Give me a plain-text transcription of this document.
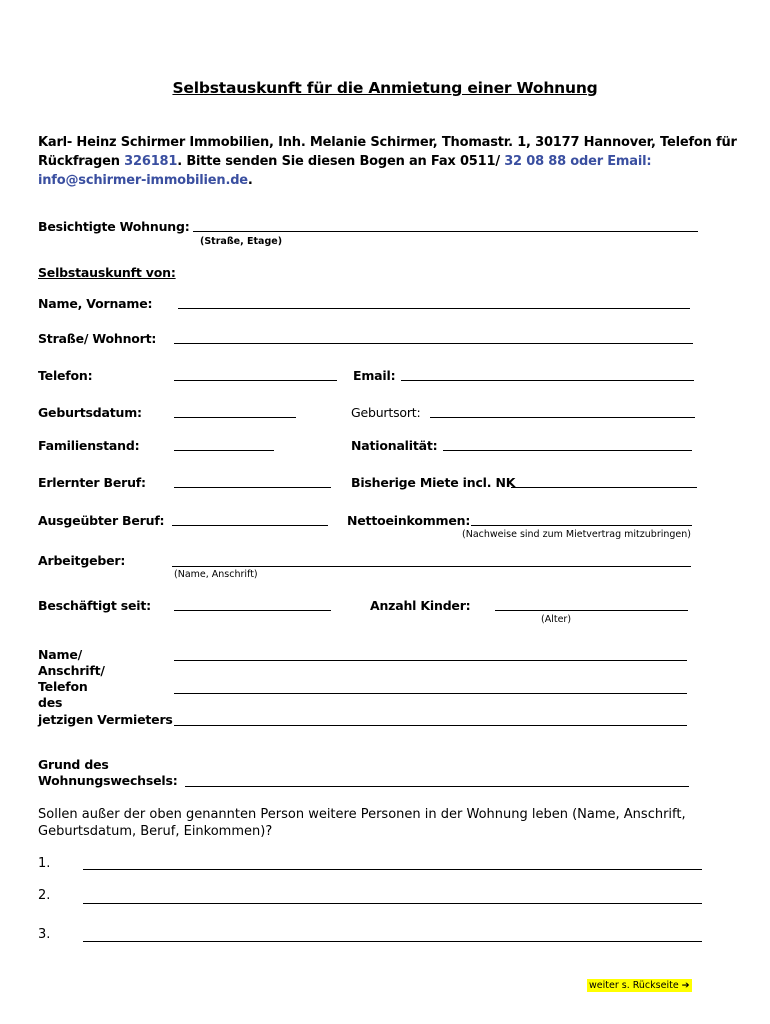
Selbstauskunft für die Anmietung einer Wohnung
Karl- Heinz Schirmer Immobilien, Inh. Melanie Schirmer, Thomastr. 1, 30177 Hannover, Telefon für Rückfragen 326181. Bitte senden Sie diesen Bogen an Fax 0511/ 32 08 88 oder Email:
info@schirmer-immobilien.de.
Besichtigte Wohnung:
(Straße, Etage)
Selbstauskunft von:
Name, Vorname:
Straße/ Wohnort:
Telefon:	Email:
Geburtsdatum:	Geburtsort:
Familienstand:	Nationalität:
Erlernter Beruf:	Bisherige Miete incl. NK
Ausgeübter Beruf:	Nettoeinkommen:
(Nachweise sind zum Mietvertrag mitzubringen)
Arbeitgeber:
(Name, Anschrift)
Beschäftigt seit:	Anzahl Kinder:
(Alter)
Name/
Anschrift/
Telefon
des
jetzigen Vermieters
Grund des
Wohnungswechsels:
Sollen außer der oben genannten Person weitere Personen in der Wohnung leben (Name, Anschrift, Geburtsdatum, Beruf, Einkommen)?
1.
2.
3.
weiter s. Rückseite ➔
